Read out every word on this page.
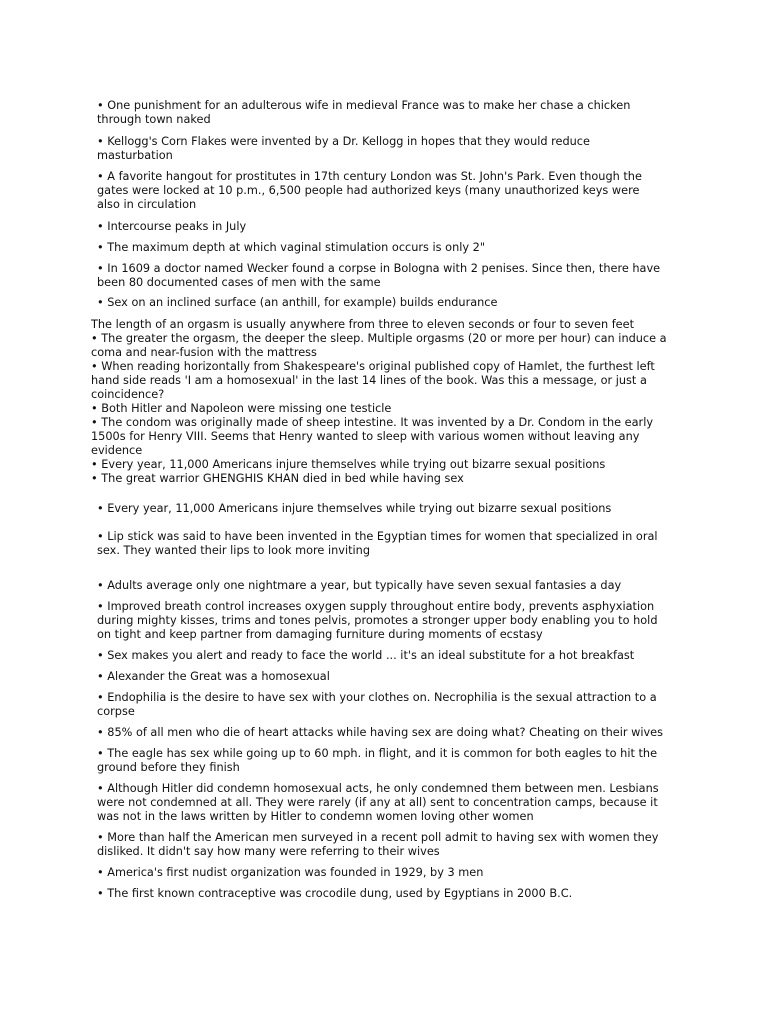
• One punishment for an adulterous wife in medieval France was to make her chase a chicken
through town naked

• Kellogg's Corn Flakes were invented by a Dr. Kellogg in hopes that they would reduce
masturbation

• A favorite hangout for prostitutes in 17th century London was St. John's Park. Even though the
gates were locked at 10 p.m., 6,500 people had authorized keys (many unauthorized keys were
also in circulation

• Intercourse peaks in July

• The maximum depth at which vaginal stimulation occurs is only 2"

• In 1609 a doctor named Wecker found a corpse in Bologna with 2 penises. Since then, there have
been 80 documented cases of men with the same

• Sex on an inclined surface (an anthill, for example) builds endurance

The length of an orgasm is usually anywhere from three to eleven seconds or four to seven feet
• The greater the orgasm, the deeper the sleep. Multiple orgasms (20 or more per hour) can induce a
coma and near-fusion with the mattress
• When reading horizontally from Shakespeare's original published copy of Hamlet, the furthest left
hand side reads 'I am a homosexual' in the last 14 lines of the book. Was this a message, or just a
coincidence?
• Both Hitler and Napoleon were missing one testicle
• The condom was originally made of sheep intestine. It was invented by a Dr. Condom in the early
1500s for Henry VIII. Seems that Henry wanted to sleep with various women without leaving any
evidence
• Every year, 11,000 Americans injure themselves while trying out bizarre sexual positions
• The great warrior GHENGHIS KHAN died in bed while having sex

• Every year, 11,000 Americans injure themselves while trying out bizarre sexual positions

• Lip stick was said to have been invented in the Egyptian times for women that specialized in oral
sex. They wanted their lips to look more inviting

• Adults average only one nightmare a year, but typically have seven sexual fantasies a day

• Improved breath control increases oxygen supply throughout entire body, prevents asphyxiation
during mighty kisses, trims and tones pelvis, promotes a stronger upper body enabling you to hold
on tight and keep partner from damaging furniture during moments of ecstasy

• Sex makes you alert and ready to face the world ... it's an ideal substitute for a hot breakfast

• Alexander the Great was a homosexual

• Endophilia is the desire to have sex with your clothes on. Necrophilia is the sexual attraction to a
corpse

• 85% of all men who die of heart attacks while having sex are doing what? Cheating on their wives

• The eagle has sex while going up to 60 mph. in flight, and it is common for both eagles to hit the
ground before they finish

• Although Hitler did condemn homosexual acts, he only condemned them between men. Lesbians
were not condemned at all. They were rarely (if any at all) sent to concentration camps, because it
was not in the laws written by Hitler to condemn women loving other women

• More than half the American men surveyed in a recent poll admit to having sex with women they
disliked. It didn't say how many were referring to their wives

• America's first nudist organization was founded in 1929, by 3 men

• The first known contraceptive was crocodile dung, used by Egyptians in 2000 B.C.
